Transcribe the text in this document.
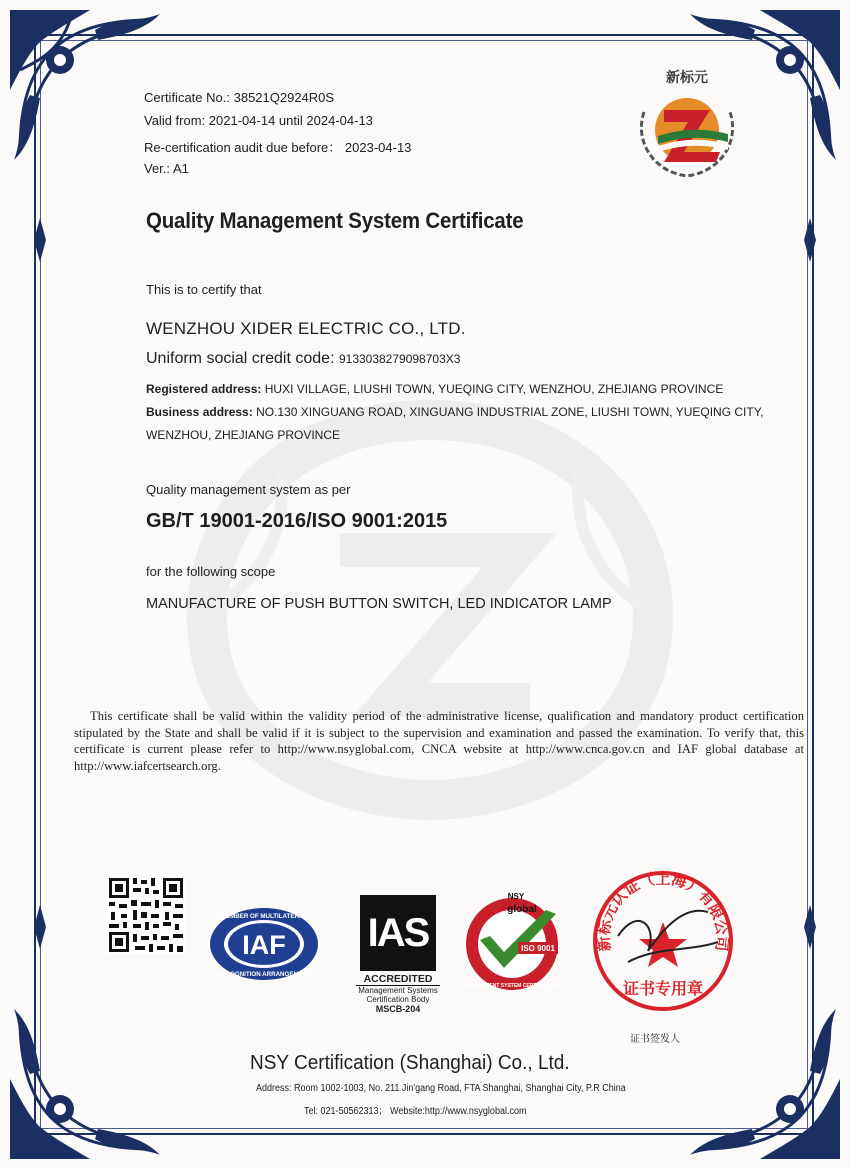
Certificate No.: 38521Q2924R0S
Valid from: 2021-04-14 until 2024-04-13
Re-certification audit due before： 2023-04-13
Ver.: A1
新标元
Quality Management System Certificate
This is to certify that
WENZHOU XIDER ELECTRIC CO., LTD.
Uniform social credit code: 9133038279098703X3
Registered address: HUXI VILLAGE, LIUSHI TOWN, YUEQING CITY, WENZHOU, ZHEJIANG PROVINCE
Business address: NO.130 XINGUANG ROAD, XINGUANG INDUSTRIAL ZONE, LIUSHI TOWN, YUEQING CITY,
WENZHOU, ZHEJIANG PROVINCE
Quality management system as per
GB/T 19001-2016/ISO 9001:2015
for the following scope
MANUFACTURE OF PUSH BUTTON SWITCH, LED INDICATOR LAMP
This certificate shall be valid within the validity period of the administrative license, qualification and mandatory product certification stipulated by the State and shall be valid if it is subject to the supervision and examination and passed the examination. To verify that, this certificate is current please refer to http://www.nsyglobal.com, CNCA website at http://www.cnca.gov.cn and IAF global database at http://www.iafcertsearch.org.
MEMBER OF MULTILATERAL
RECOGNITION ARRANGEMENT
IAF IAS
ACCREDITED
Management Systems
Certification Body
MSCB-204
NSY
global
ISO 9001
MANAGEMENT SYSTEM CERTIFICATION
新标元认证（上海）有限公司
证书专用章
证书签发人
NSY Certification (Shanghai) Co., Ltd.
Address: Room 1002-1003, No. 211 Jin'gang Road, FTA Shanghai, Shanghai City, P.R China
Tel: 021-50562313； Website:http://www.nsyglobal.com
